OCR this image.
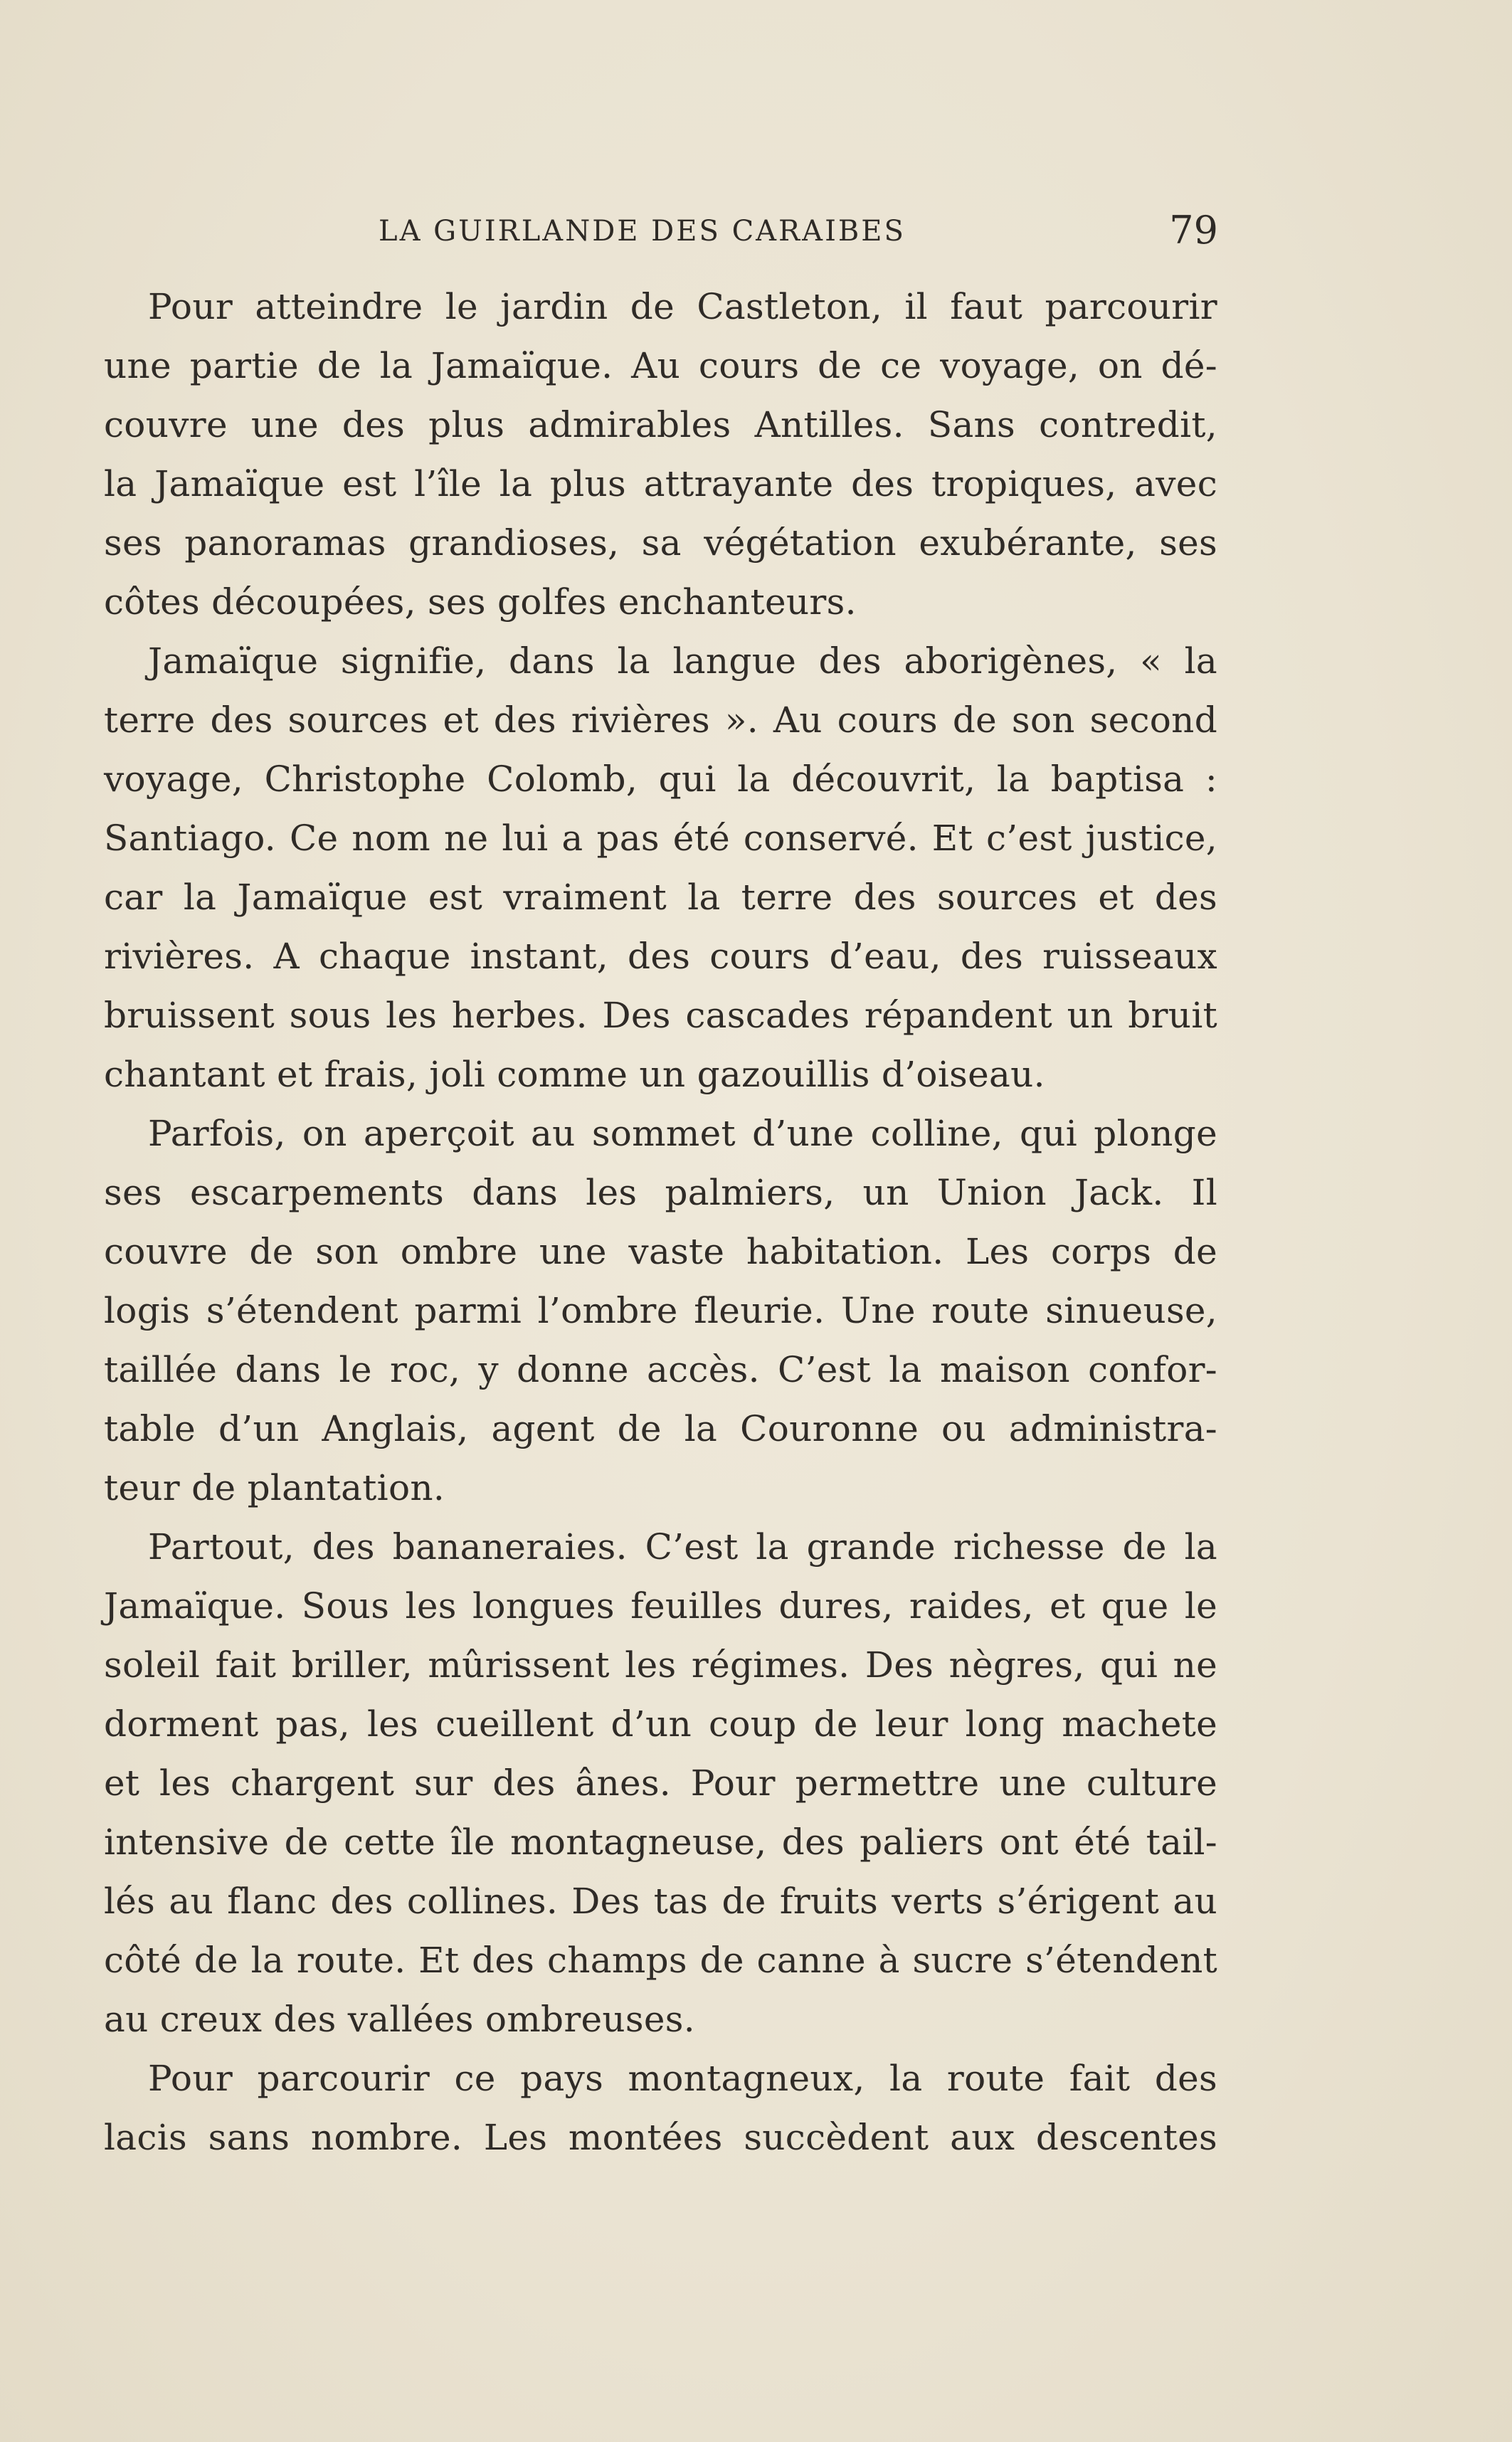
LA GUIRLANDE DES CARAIBES	79
Pour atteindre le jardin de Castleton, il faut parcourir
une partie de la Jamaïque. Au cours de ce voyage, on dé-
couvre une des plus admirables Antilles. Sans contredit,
la Jamaïque est l’île la plus attrayante des tropiques, avec
ses panoramas grandioses, sa végétation exubérante, ses
côtes découpées, ses golfes enchanteurs.
Jamaïque signifie, dans la langue des aborigènes, « la
terre des sources et des rivières ». Au cours de son second
voyage, Christophe Colomb, qui la découvrit, la baptisa :
Santiago. Ce nom ne lui a pas été conservé. Et c’est justice,
car la Jamaïque est vraiment la terre des sources et des
rivières. A chaque instant, des cours d’eau, des ruisseaux
bruissent sous les herbes. Des cascades répandent un bruit
chantant et frais, joli comme un gazouillis d’oiseau.
Parfois, on aperçoit au sommet d’une colline, qui plonge
ses escarpements dans les palmiers, un Union Jack. Il
couvre de son ombre une vaste habitation. Les corps de
logis s’étendent parmi l’ombre fleurie. Une route sinueuse,
taillée dans le roc, y donne accès. C’est la maison confor-
table d’un Anglais, agent de la Couronne ou administra-
teur de plantation.
Partout, des bananeraies. C’est la grande richesse de la
Jamaïque. Sous les longues feuilles dures, raides, et que le
soleil fait briller, mûrissent les régimes. Des nègres, qui ne
dorment pas, les cueillent d’un coup de leur long machete
et les chargent sur des ânes. Pour permettre une culture
intensive de cette île montagneuse, des paliers ont été tail-
lés au flanc des collines. Des tas de fruits verts s’érigent au
côté de la route. Et des champs de canne à sucre s’étendent
au creux des vallées ombreuses.
Pour parcourir ce pays montagneux, la route fait des
lacis sans nombre. Les montées succèdent aux descentes
